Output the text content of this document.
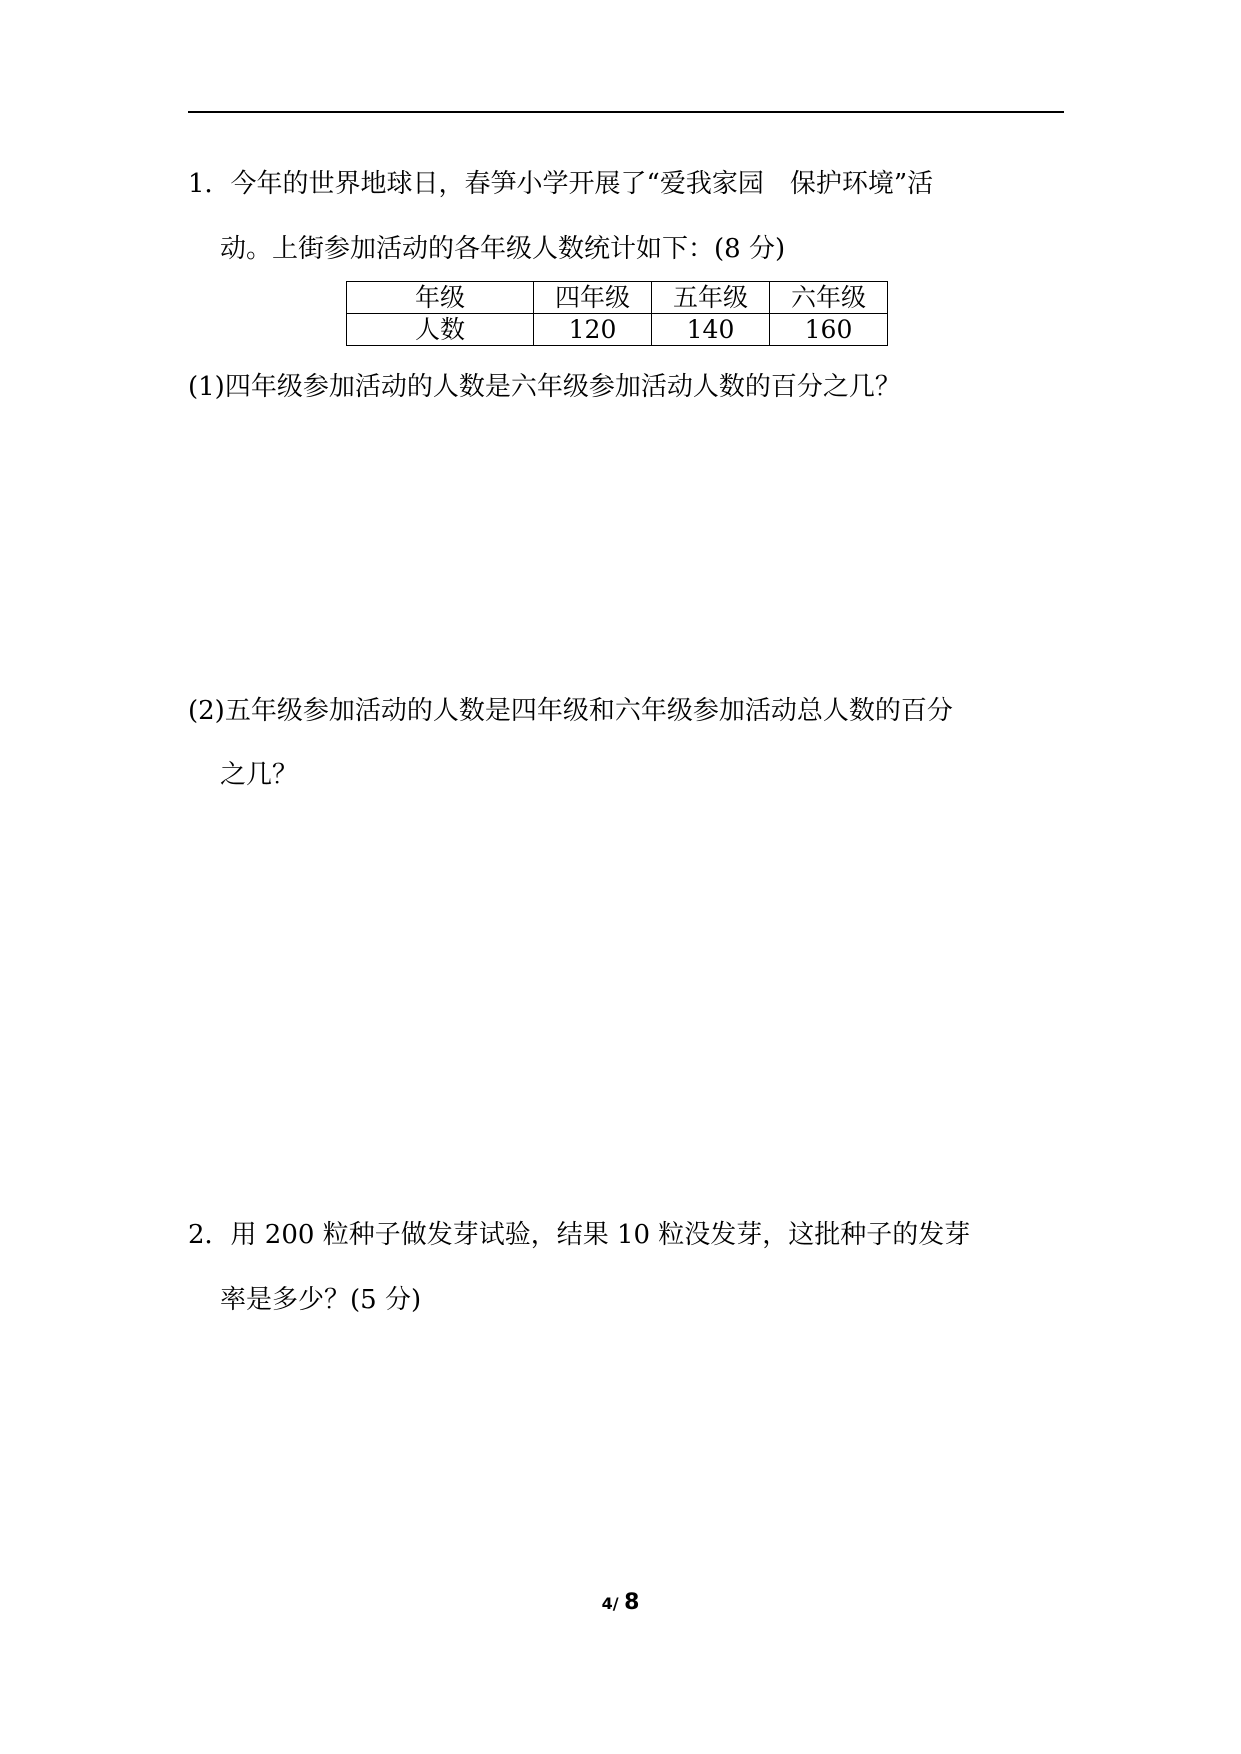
1．今年的世界地球日，春笋小学开展了“爱我家园　保护环境”活
动。上街参加活动的各年级人数统计如下：(8 分)
年级	四年级	五年级	六年级
人数	120	140	160
(1)四年级参加活动的人数是六年级参加活动人数的百分之几？
(2)五年级参加活动的人数是四年级和六年级参加活动总人数的百分
之几？
2．用 200 粒种子做发芽试验，结果 10 粒没发芽，这批种子的发芽
率是多少？(5 分)
4/ 8
